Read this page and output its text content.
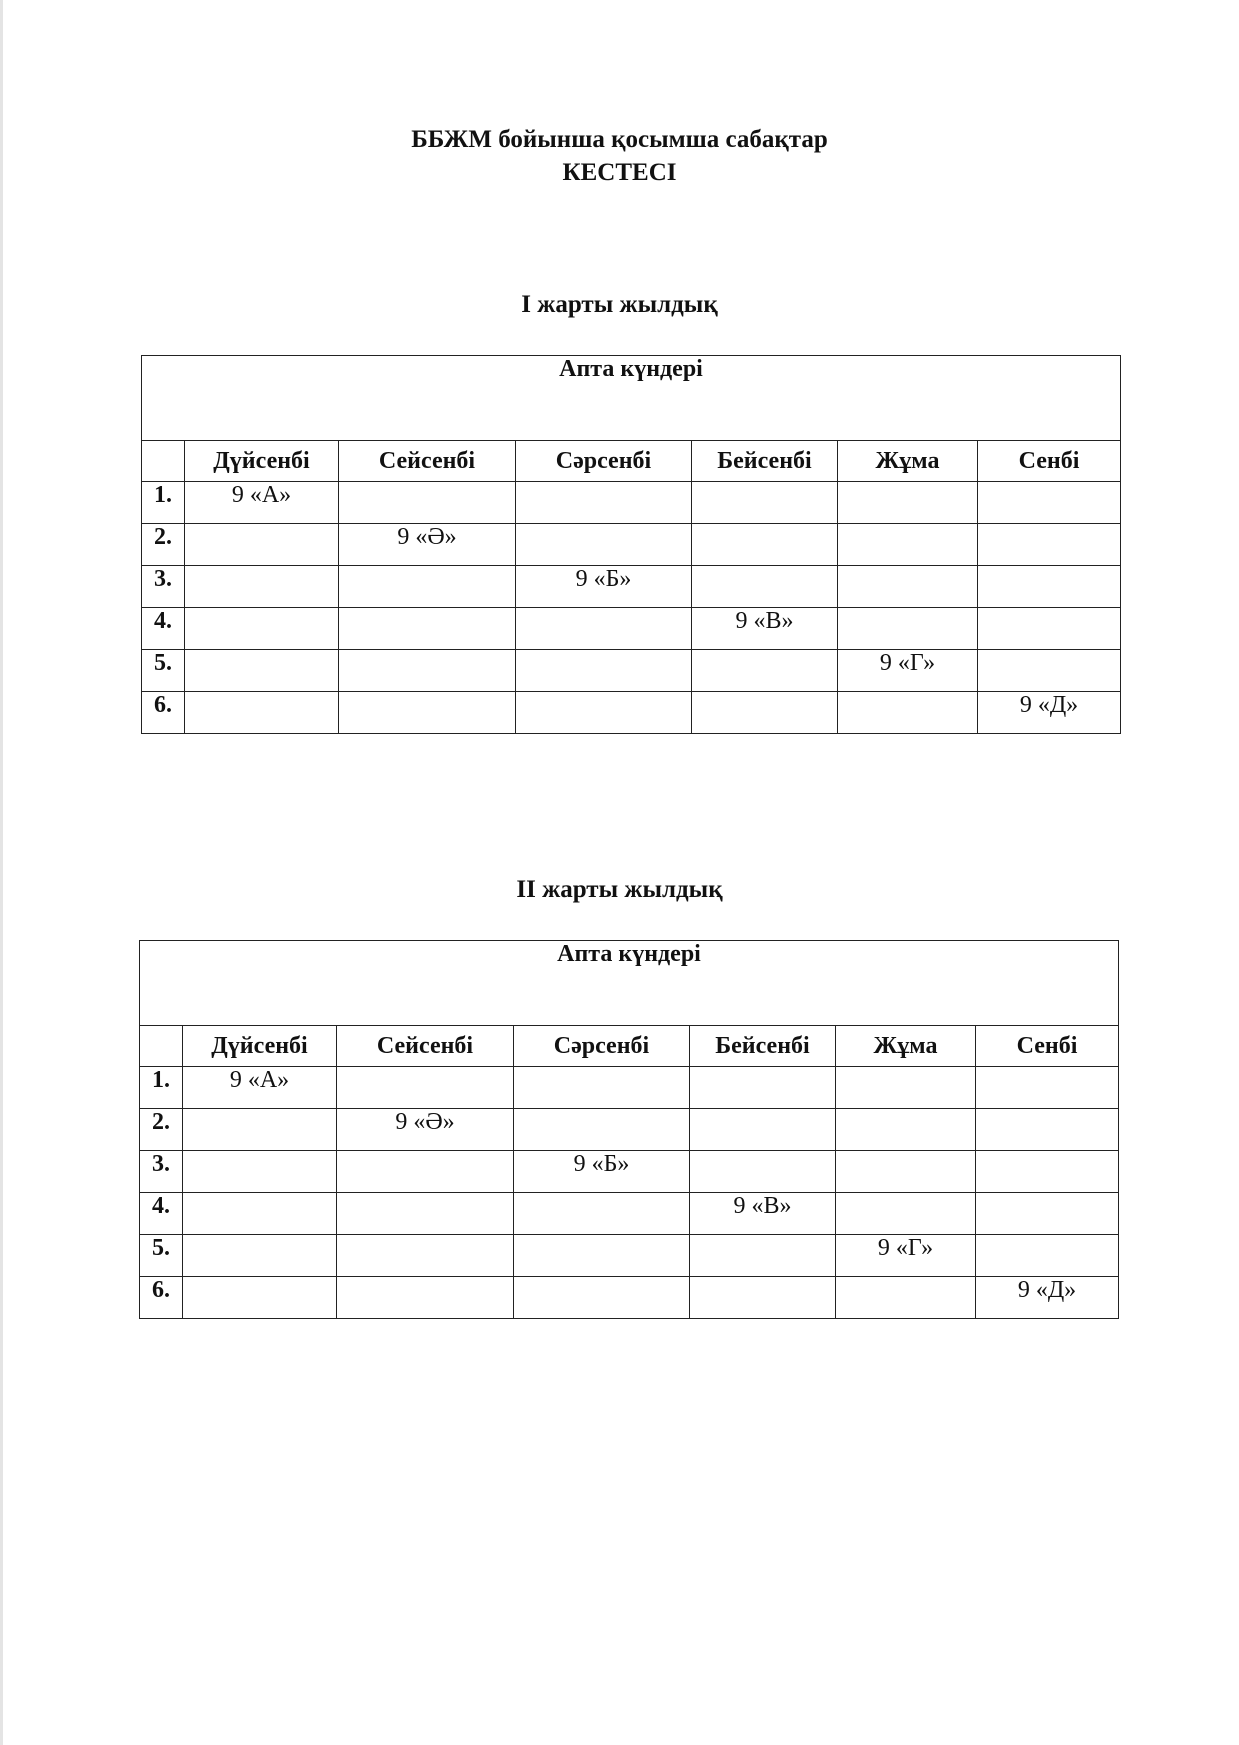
ББЖМ бойынша қосымша сабақтар
КЕСТЕСІ
І жарты жылдық
Апта күндері						
	Дүйсенбі	Сейсенбі	Сәрсенбі	Бейсенбі	Жұма	Сенбі
1.	9 «А»					
2.		9 «Ә»				
3.			9 «Б»			
4.				9 «В»		
5.					9 «Г»	
6.						9 «Д»
ІІ жарты жылдық
Апта күндері						
	Дүйсенбі	Сейсенбі	Сәрсенбі	Бейсенбі	Жұма	Сенбі
1.	9 «А»					
2.		9 «Ә»				
3.			9 «Б»			
4.				9 «В»		
5.					9 «Г»	
6.						9 «Д»
